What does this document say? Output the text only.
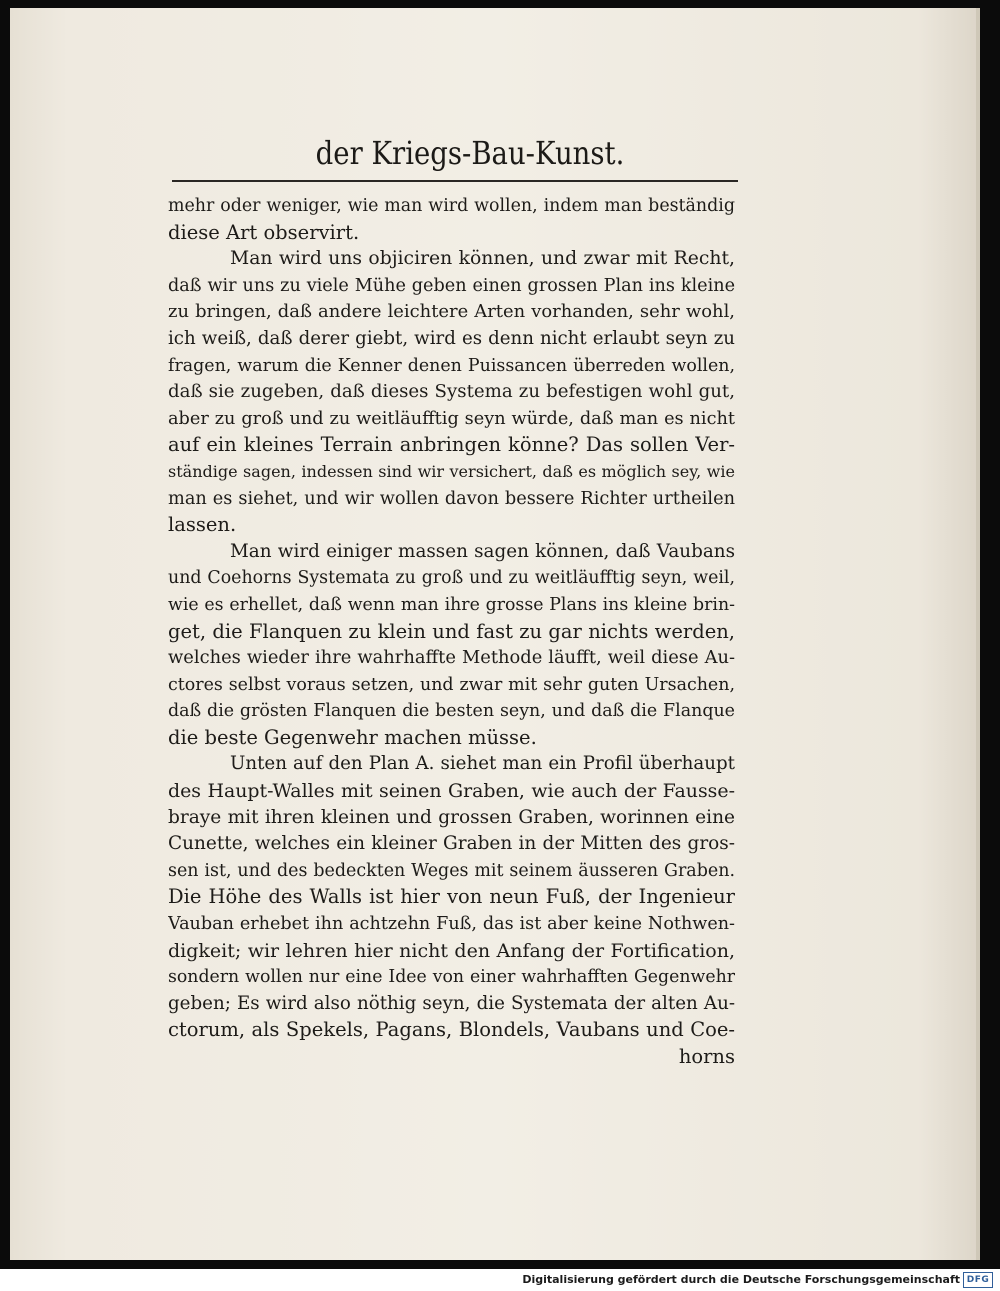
der Kriegs-Bau-Kunst.
mehr oder weniger, wie man wird wollen, indem man beständig
diese Art observirt.
Man wird uns objiciren können, und zwar mit Recht,
daß wir uns zu viele Mühe geben einen grossen Plan ins kleine
zu bringen, daß andere leichtere Arten vorhanden, sehr wohl,
ich weiß, daß derer giebt, wird es denn nicht erlaubt seyn zu
fragen, warum die Kenner denen Puissancen überreden wollen,
daß sie zugeben, daß dieses Systema zu befestigen wohl gut,
aber zu groß und zu weitläufftig seyn würde, daß man es nicht
auf ein kleines Terrain anbringen könne? Das sollen Ver-
ständige sagen, indessen sind wir versichert, daß es möglich sey, wie
man es siehet, und wir wollen davon bessere Richter urtheilen
lassen.
Man wird einiger massen sagen können, daß Vaubans
und Coehorns Systemata zu groß und zu weitläufftig seyn, weil,
wie es erhellet, daß wenn man ihre grosse Plans ins kleine brin-
get, die Flanquen zu klein und fast zu gar nichts werden,
welches wieder ihre wahrhaffte Methode läufft, weil diese Au-
ctores selbst voraus setzen, und zwar mit sehr guten Ursachen,
daß die grösten Flanquen die besten seyn, und daß die Flanque
die beste Gegenwehr machen müsse.
Unten auf den Plan A. siehet man ein Profil überhaupt
des Haupt-Walles mit seinen Graben, wie auch der Fausse-
braye mit ihren kleinen und grossen Graben, worinnen eine
Cunette, welches ein kleiner Graben in der Mitten des gros-
sen ist, und des bedeckten Weges mit seinem äusseren Graben.
Die Höhe des Walls ist hier von neun Fuß, der Ingenieur
Vauban erhebet ihn achtzehn Fuß, das ist aber keine Nothwen-
digkeit; wir lehren hier nicht den Anfang der Fortification,
sondern wollen nur eine Idee von einer wahrhafften Gegenwehr
geben; Es wird also nöthig seyn, die Systemata der alten Au-
ctorum, als Spekels, Pagans, Blondels, Vaubans und Coe-
horns
Digitalisierung gefördert durch die Deutsche Forschungsgemeinschaft DFG
